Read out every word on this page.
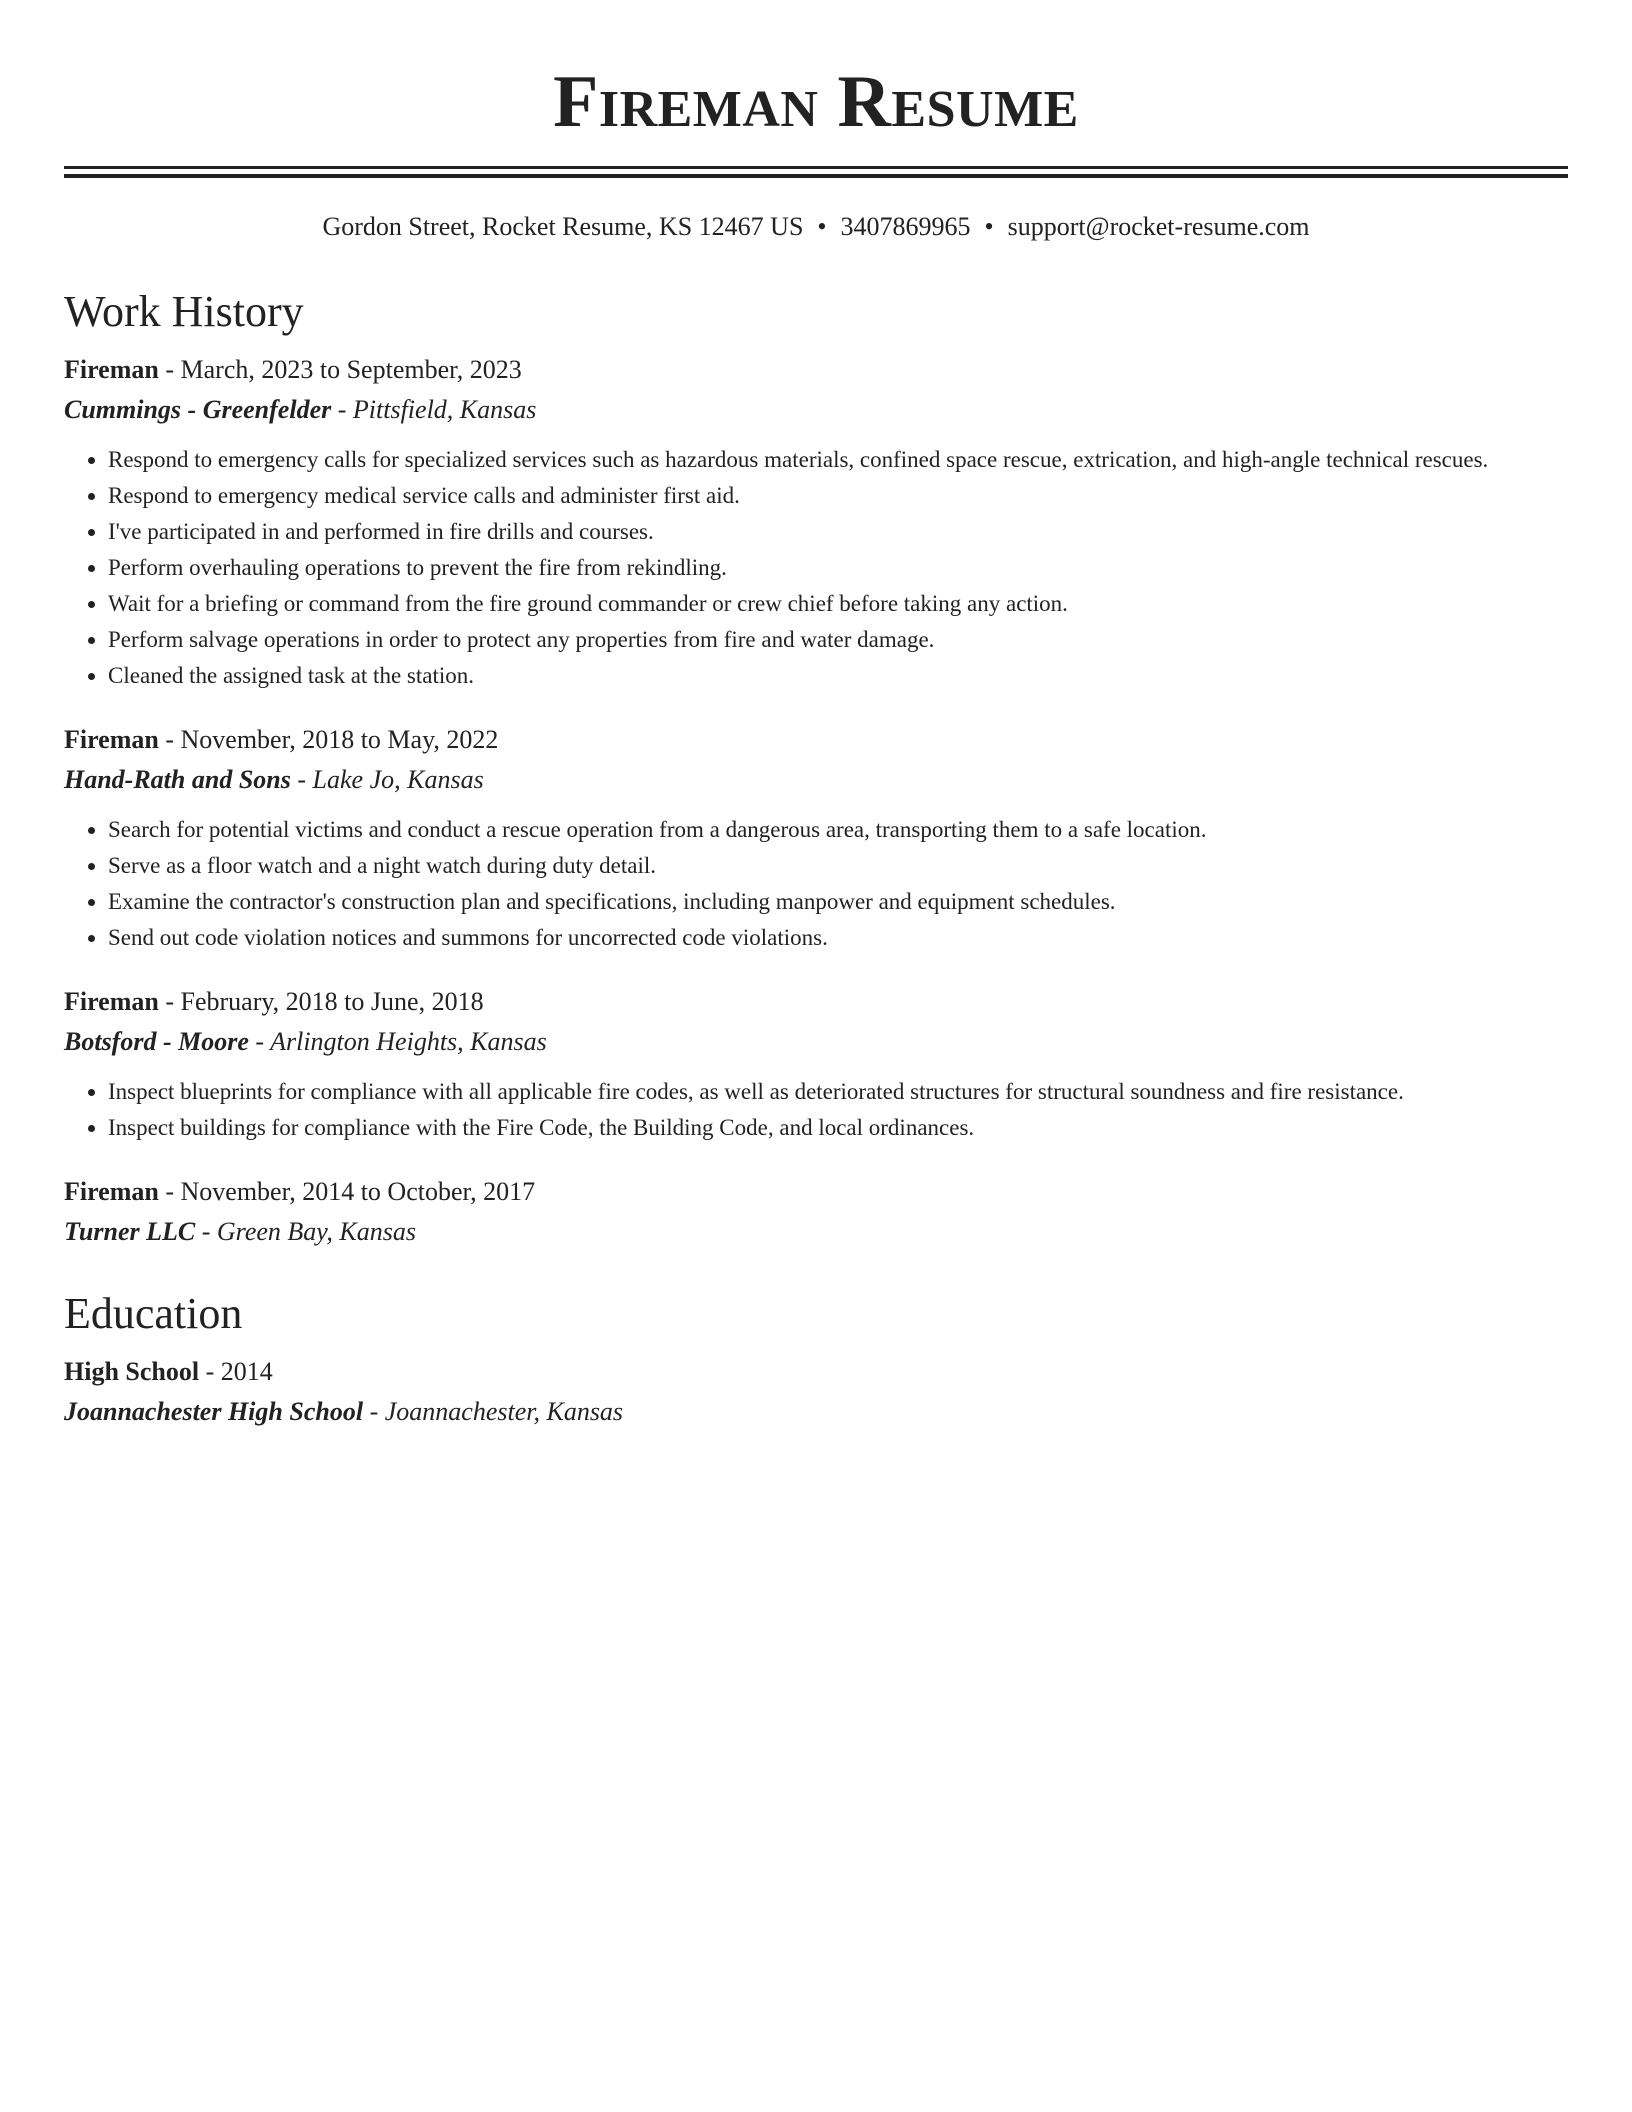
Fireman Resume
Gordon Street, Rocket Resume, KS 12467 US • 3407869965 • support@rocket-resume.com
Work History

Fireman - March, 2023 to September, 2023

Cummings - Greenfelder - Pittsfield, Kansas

• Respond to emergency calls for specialized services such as hazardous materials, confined space rescue, extrication, and high-angle technical rescues.
• Respond to emergency medical service calls and administer first aid.
• I've participated in and performed in fire drills and courses.
• Perform overhauling operations to prevent the fire from rekindling.
• Wait for a briefing or command from the fire ground commander or crew chief before taking any action.
• Perform salvage operations in order to protect any properties from fire and water damage.
• Cleaned the assigned task at the station.

Fireman - November, 2018 to May, 2022

Hand-Rath and Sons - Lake Jo, Kansas

• Search for potential victims and conduct a rescue operation from a dangerous area, transporting them to a safe location.
• Serve as a floor watch and a night watch during duty detail.
• Examine the contractor's construction plan and specifications, including manpower and equipment schedules.
• Send out code violation notices and summons for uncorrected code violations.

Fireman - February, 2018 to June, 2018

Botsford - Moore - Arlington Heights, Kansas

• Inspect blueprints for compliance with all applicable fire codes, as well as deteriorated structures for structural soundness and fire resistance.
• Inspect buildings for compliance with the Fire Code, the Building Code, and local ordinances.

Fireman - November, 2014 to October, 2017

Turner LLC - Green Bay, Kansas

Education

High School - 2014

Joannachester High School - Joannachester, Kansas
